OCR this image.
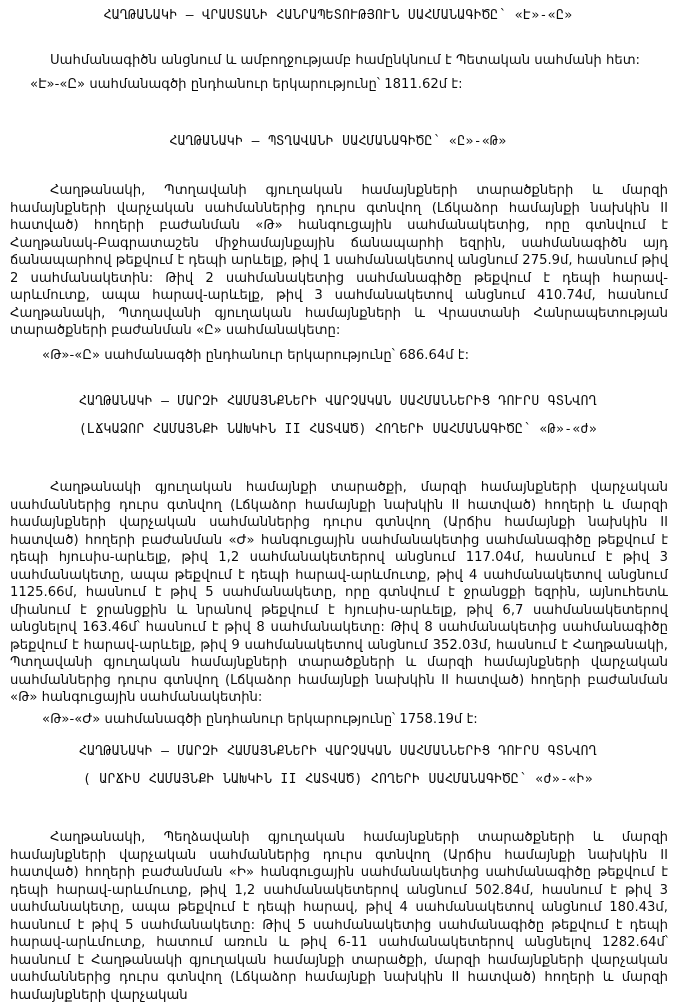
ՀԱՂԹԱՆԱԿԻ – ՎՐԱՍՏԱՆԻ ՀԱՆՐԱՊԵՏՈՒԹՅՈՒՆ ՍԱՀՄԱՆԱԳԻԾԸ՝ «Է»-«Ը»
Սահմանագիծն անցնում և ամբողջությամբ համընկնում է Պետական սահմանի հետ:
«Է»-«Ը» սահմանագծի ընդհանուր երկարությունը՝ 1811.62մ է:
ՀԱՂԹԱՆԱԿԻ – ՊՏՂԱՎԱՆԻ ՍԱՀՄԱՆԱԳԻԾԸ՝ «Ը»-«Թ»
Հաղթանակի, Պտղավանի գյուղական համայնքների տարածքների և մարզի համայնքների վարչական սահմաններից դուրս գտնվող (Լճկաձոր համայնքի նախկին II հատված) հողերի բաժանման «Թ» հանգուցային սահմանակետից, որը գտնվում է Հաղթանակ-Բագրատաշեն միջհամայնքային ճանապարհի եզրին, սահմանագիծն այդ ճանապարհով թեքվում է դեպի արևելք, թիվ 1 սահմանակետով անցնում 275.9մ, հասնում թիվ 2 սահմանակետին: Թիվ 2 սահմանակետից սահմանագիծը թեքվում է դեպի հարավ-արևմուտք, ապա հարավ-արևելք, թիվ 3 սահմանակետով անցնում 410.74մ, հասնում Հաղթանակի, Պտղավանի գյուղական համայնքների և Վրաստանի Հանրապետության տարածքների բաժանման «Ը» սահմանակետը:
«Թ»-«Ը» սահմանագծի ընդհանուր երկարությունը՝ 686.64մ է:
ՀԱՂԹԱՆԱԿԻ – ՄԱՐԶԻ ՀԱՄԱՅՆՔՆԵՐԻ ՎԱՐՉԱԿԱՆ ՍԱՀՄԱՆՆԵՐԻՑ ԴՈՒՐՍ ԳՏՆՎՈՂ
(ԼՃԿԱՁՈՐ ՀԱՄԱՅՆՔԻ ՆԱԽԿԻՆ II ՀԱՏՎԱԾ) ՀՈՂԵՐԻ ՍԱՀՄԱՆԱԳԻԾԸ՝ «Թ»-«Ժ»
Հաղթանակի գյուղական համայնքի տարածքի, մարզի համայնքների վարչական սահմաններից դուրս գտնվող (Լճկաձոր համայնքի նախկին II հատված) հողերի և մարզի համայնքների վարչական սահմաններից դուրս գտնվող (Արճիս համայնքի նախկին II հատված) հողերի բաժանման «Ժ» հանգուցային սահմանակետից սահմանագիծը թեքվում է դեպի հյուսիս-արևելք, թիվ 1,2 սահմանակետերով անցնում 117.04մ, հասնում է թիվ 3 սահմանակետը, ապա թեքվում է դեպի հարավ-արևմուտք, թիվ 4 սահմանակետով անցնում 1125.66մ, հասնում է թիվ 5 սահմանակետը, որը գտնվում է ջրանցքի եզրին, այնուհետև միանում է ջրանցքին և նրանով թեքվում է հյուսիս-արևելք, թիվ 6,7 սահմանակետերով անցնելով 163.46մ՝ հասնում է թիվ 8 սահմանակետը: Թիվ 8 սահմանակետից սահմանագիծը թեքվում է հարավ-արևելք, թիվ 9 սահմանակետով անցնում 352.03մ, հասնում է Հաղթանակի, Պտղավանի գյուղական համայնքների տարածքների և մարզի համայնքների վարչական սահմաններից դուրս գտնվող (Լճկաձոր համայնքի նախկին II հատված) հողերի բաժանման «Թ» հանգուցային սահմանակետին:
«Թ»-«Ժ» սահմանագծի ընդհանուր երկարությունը՝ 1758.19մ է:
ՀԱՂԹԱՆԱԿԻ – ՄԱՐԶԻ ՀԱՄԱՅՆՔՆԵՐԻ ՎԱՐՉԱԿԱՆ ՍԱՀՄԱՆՆԵՐԻՑ ԴՈՒՐՍ ԳՏՆՎՈՂ
( ԱՐՃԻՍ ՀԱՄԱՅՆՔԻ ՆԱԽԿԻՆ II ՀԱՏՎԱԾ) ՀՈՂԵՐԻ ՍԱՀՄԱՆԱԳԻԾԸ՝ «Ժ»-«Ի»
Հաղթանակի, Պեղձավանի գյուղական համայնքների տարածքների և մարզի համայնքների վարչական սահմաններից դուրս գտնվող (Արճիս համայնքի նախկին II հատված) հողերի բաժանման «Ի» հանգուցային սահմանակետից սահմանագիծը թեքվում է դեպի հարավ-արևմուտք, թիվ 1,2 սահմանակետերով անցնում 502.84մ, հասնում է թիվ 3 սահմանակետը, ապա թեքվում է դեպի հարավ, թիվ 4 սահմանակետով անցնում 180.43մ, հասնում է թիվ 5 սահմանակետը: Թիվ 5 սահմանակետից սահմանագիծը թեքվում է դեպի հարավ-արևմուտք, հատում առուն և թիվ 6-11 սահմանակետերով անցնելով 1282.64մ՝ հասնում է Հաղթանակի գյուղական համայնքի տարածքի, մարզի համայնքների վարչական սահմաններից դուրս գտնվող (Լճկաձոր համայնքի նախկին II հատված) հողերի և մարզի համայնքների վարչական
